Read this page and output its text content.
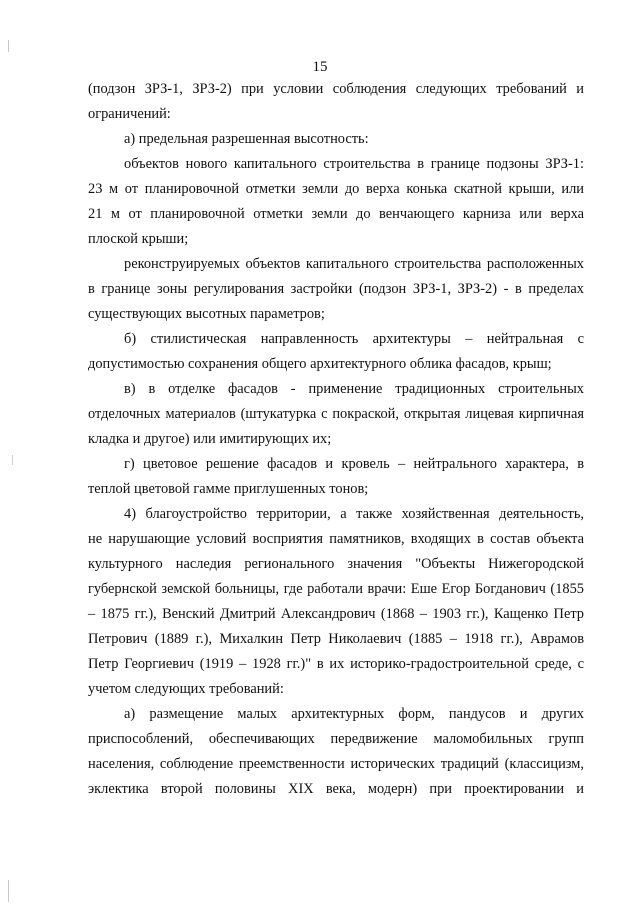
15

(подзон ЗРЗ-1, ЗРЗ-2) при условии соблюдения следующих требований и

ограничений:

а) предельная разрешенная высотность:

объектов нового капитального строительства в границе подзоны ЗРЗ-1:

23 м от планировочной отметки земли до верха конька скатной крыши, или

21 м от планировочной отметки земли до венчающего карниза или верха

плоской крыши;

реконструируемых объектов капитального строительства расположенных

в границе зоны регулирования застройки (подзон ЗРЗ-1, ЗРЗ-2) - в пределах

существующих высотных параметров;

б) стилистическая направленность архитектуры – нейтральная с

допустимостью сохранения общего архитектурного облика фасадов, крыш;

в) в отделке фасадов - применение традиционных строительных

отделочных материалов (штукатурка с покраской, открытая лицевая кирпичная

кладка и другое) или имитирующих их;

г) цветовое решение фасадов и кровель – нейтрального характера, в

теплой цветовой гамме приглушенных тонов;

4) благоустройство территории, а также хозяйственная деятельность,

не нарушающие условий восприятия памятников, входящих в состав объекта

культурного наследия регионального значения "Объекты Нижегородской

губернской земской больницы, где работали врачи: Еше Егор Богданович (1855

– 1875 гг.), Венский Дмитрий Александрович (1868 – 1903 гг.), Кащенко Петр

Петрович (1889 г.), Михалкин Петр Николаевич (1885 – 1918 гг.), Аврамов

Петр Георгиевич (1919 – 1928 гг.)" в их историко-градостроительной среде, с

учетом следующих требований:

а) размещение малых архитектурных форм, пандусов и других

приспособлений, обеспечивающих передвижение маломобильных групп

населения, соблюдение преемственности исторических традиций (классицизм,

эклектика второй половины XIX века, модерн) при проектировании и
